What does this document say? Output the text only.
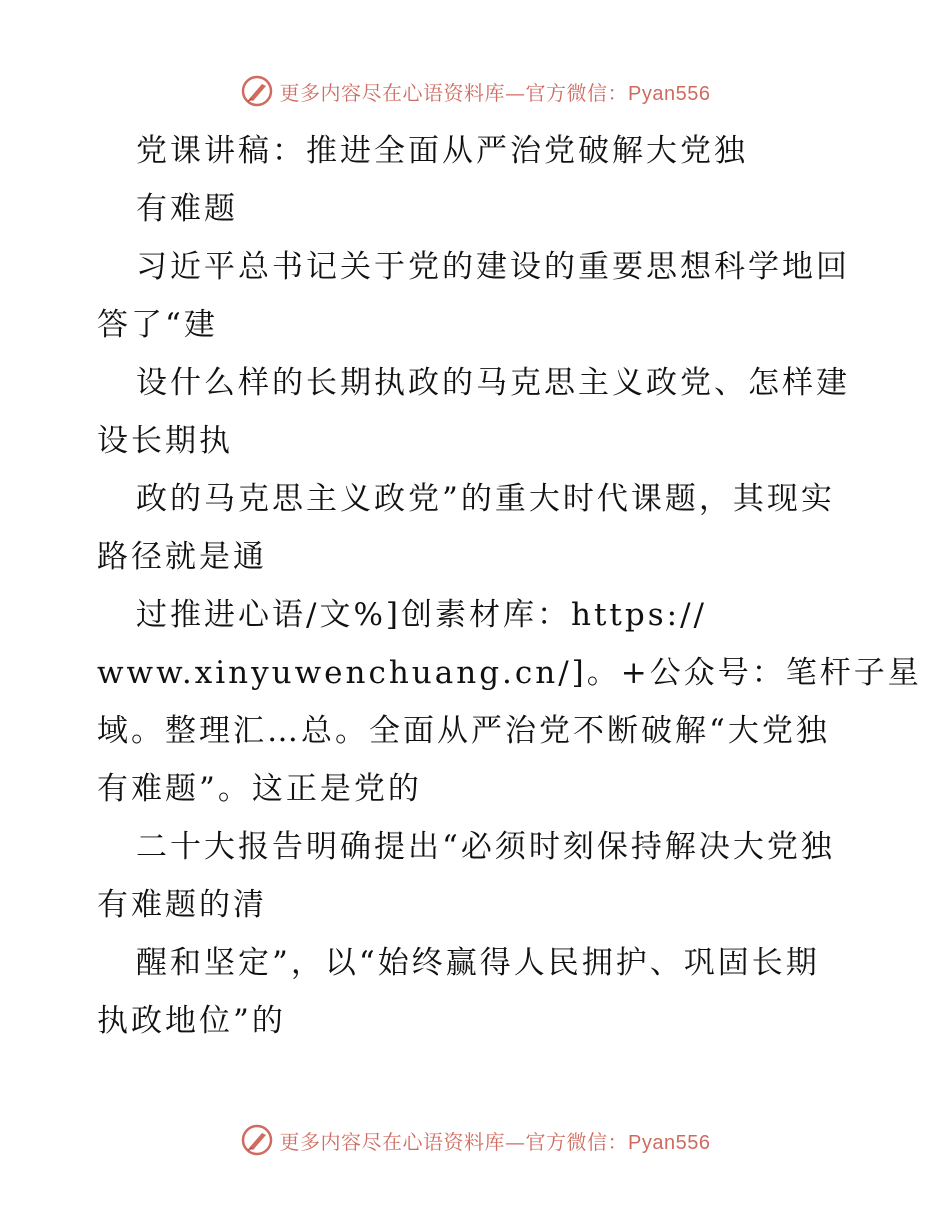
更多内容尽在心语资料库—官方微信：Pyan556
党课讲稿：推进全面从严治党破解大党独
有难题
习近平总书记关于党的建设的重要思想科学地回
答了“建
设什么样的长期执政的马克思主义政党、怎样建
设长期执
政的马克思主义政党”的重大时代课题，其现实
路径就是通
过推进心语/文%]创素材库：https://
www.xinyuwenchuang.cn/]。+公众号：笔杆子星
域。整理汇…总。全面从严治党不断破解“大党独
有难题”。这正是党的
二十大报告明确提出“必须时刻保持解决大党独
有难题的清
醒和坚定”，以“始终赢得人民拥护、巩固长期
执政地位”的
更多内容尽在心语资料库—官方微信：Pyan556
